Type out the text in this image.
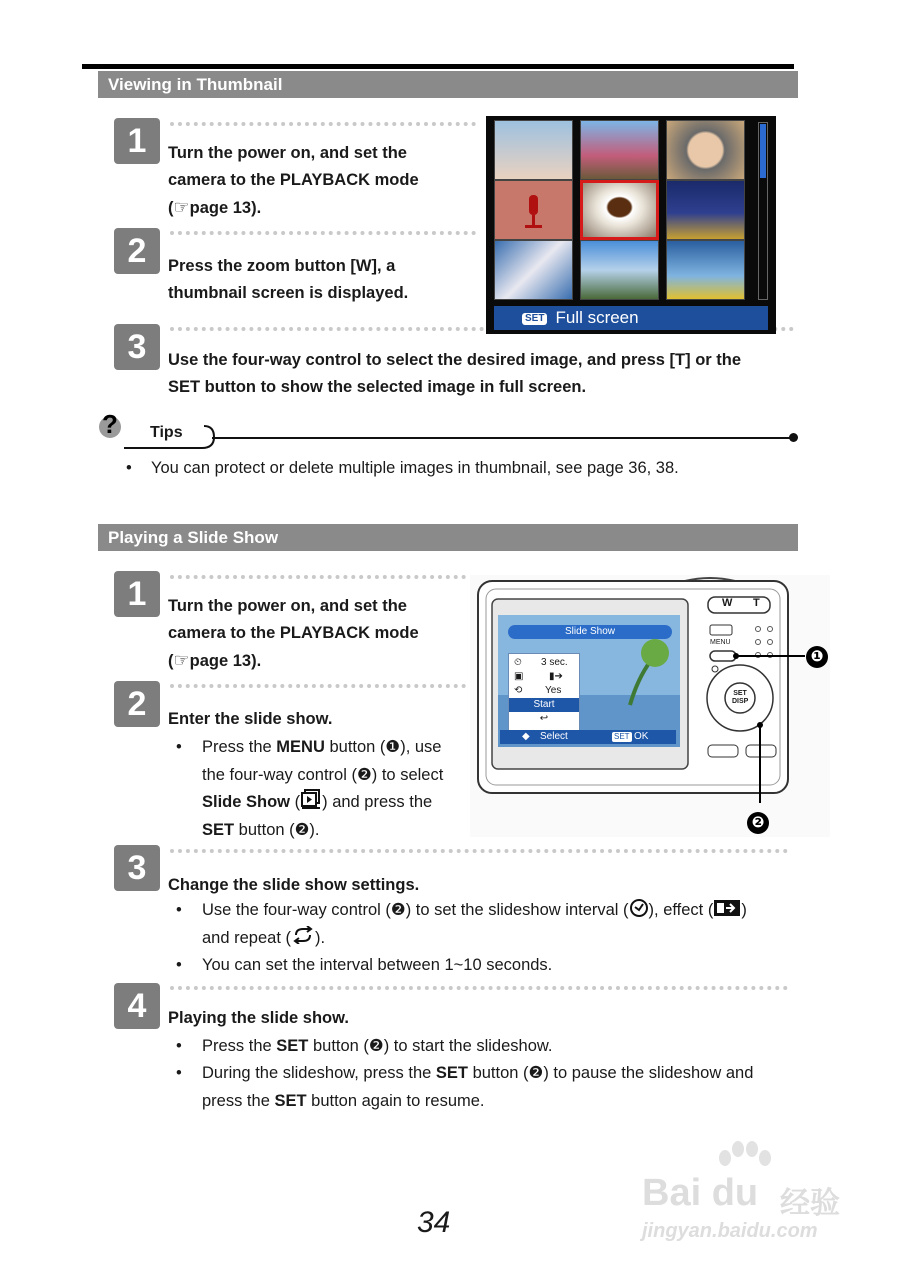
Viewing in Thumbnail
1	Turn the power on, and set the
camera to the PLAYBACK mode
(☞page 13).
2	Press the zoom button [W], a
thumbnail screen is displayed.
3	Use the four-way control to select the desired image, and press [T] or the
SET button to show the selected image in full screen.
SET Full screen
? Tips
• You can protect or delete multiple images in thumbnail, see page 36, 38.
Playing a Slide Show
1	Turn the power on, and set the
camera to the PLAYBACK mode
(☞page 13).
2	Enter the slide show.
• Press the MENU button (❶), use
the four-way control (❷) to select
Slide Show ( ) and press the
SET button (❷).
W T
MENU
SET
DISP
Slide Show
⏲ 3 sec.
▣	▮➔
⟲ Yes
Start
↩
◆ Select	SET OK
❶
❷
3	Change the slide show settings.
• Use the four-way control (❷) to set the slideshow interval ( ), effect ( )
and repeat ( ).
• You can set the interval between 1~10 seconds.
4	Playing the slide show.
• Press the SET button (❷) to start the slideshow.
• During the slideshow, press the SET button (❷) to pause the slideshow and
press the SET button again to resume.
Bai du 经验
jingyan.baidu.com
34
